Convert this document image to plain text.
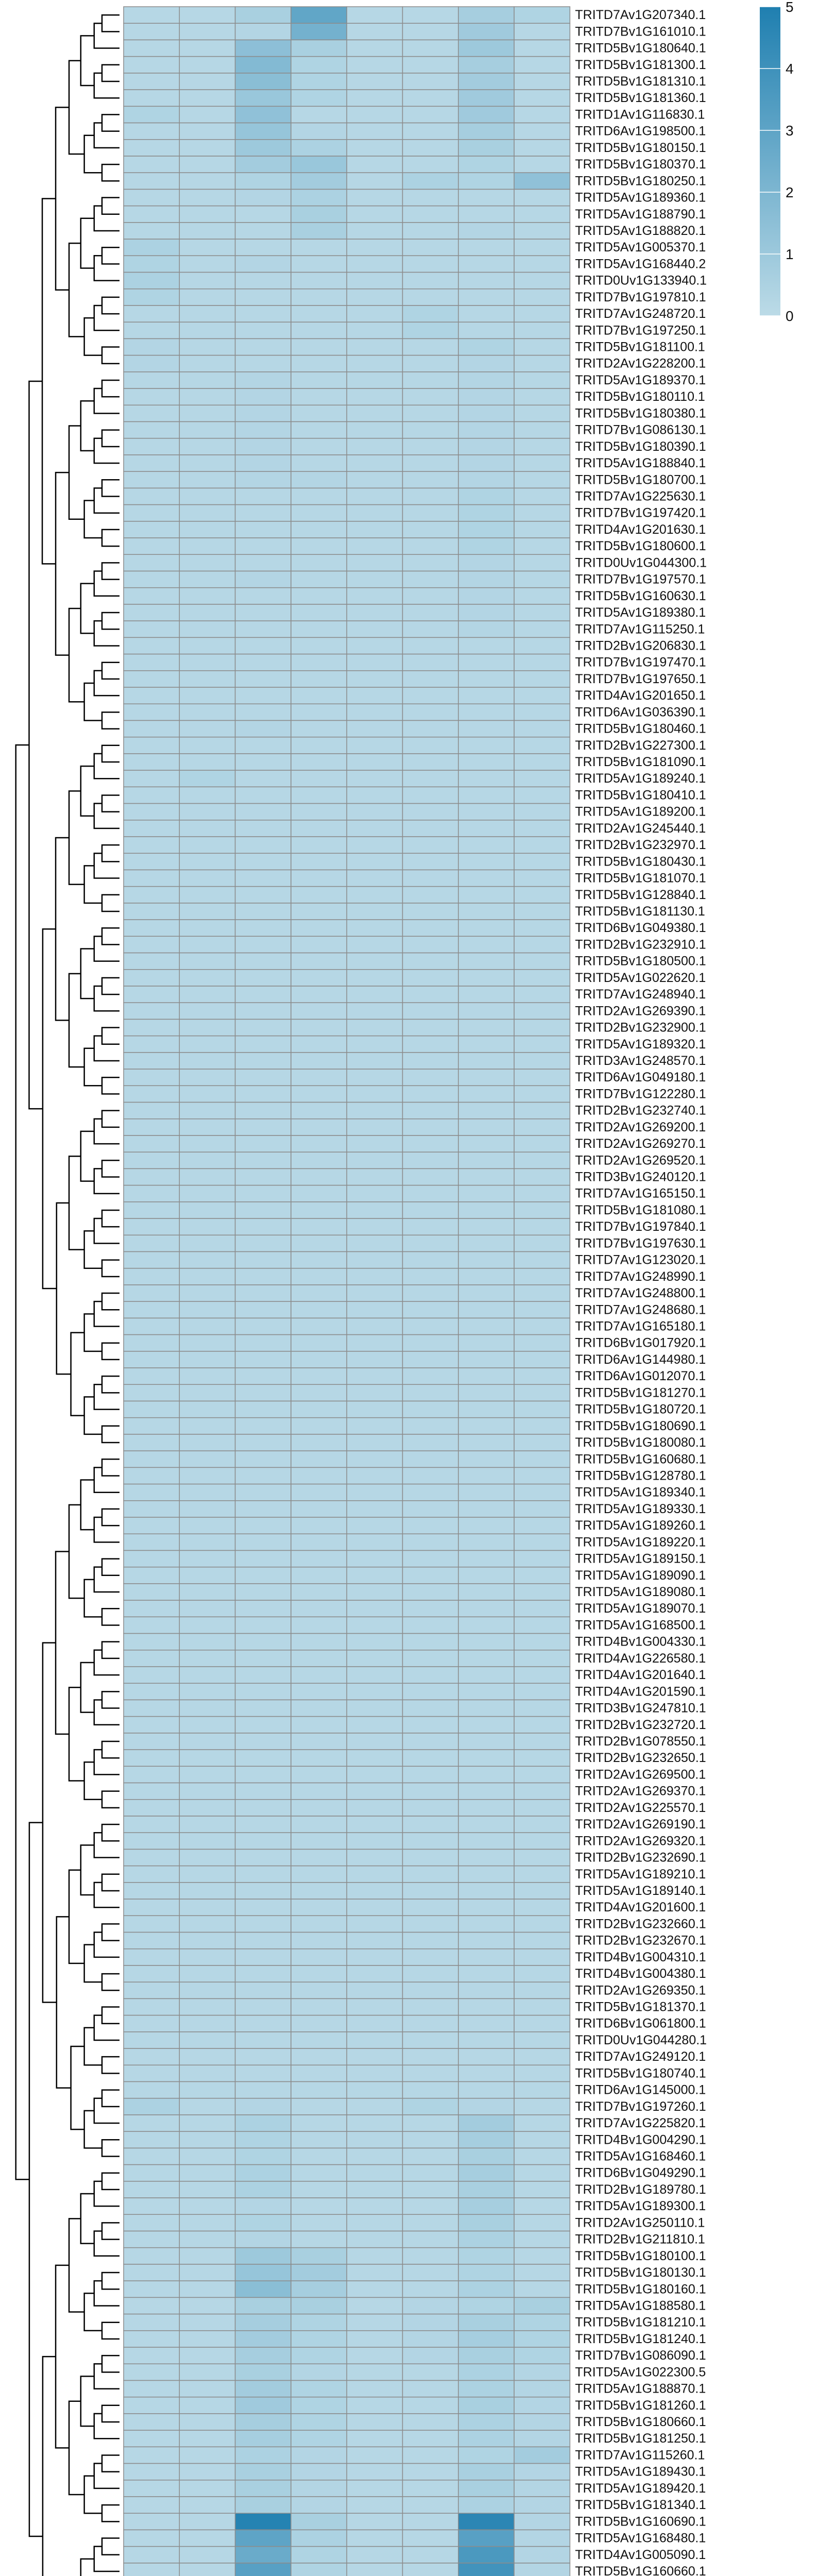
TRITD7Av1G207340.1
TRITD7Bv1G161010.1
TRITD5Bv1G180640.1
TRITD5Bv1G181300.1
TRITD5Bv1G181310.1
TRITD5Bv1G181360.1
TRITD1Av1G116830.1
TRITD6Av1G198500.1
TRITD5Bv1G180150.1
TRITD5Bv1G180370.1
TRITD5Bv1G180250.1
TRITD5Av1G189360.1
TRITD5Av1G188790.1
TRITD5Av1G188820.1
TRITD5Av1G005370.1
TRITD5Av1G168440.2
TRITD0Uv1G133940.1
TRITD7Bv1G197810.1
TRITD7Av1G248720.1
TRITD7Bv1G197250.1
TRITD5Bv1G181100.1
TRITD2Av1G228200.1
TRITD5Av1G189370.1
TRITD5Bv1G180110.1
TRITD5Bv1G180380.1
TRITD7Bv1G086130.1
TRITD5Bv1G180390.1
TRITD5Av1G188840.1
TRITD5Bv1G180700.1
TRITD7Av1G225630.1
TRITD7Bv1G197420.1
TRITD4Av1G201630.1
TRITD5Bv1G180600.1
TRITD0Uv1G044300.1
TRITD7Bv1G197570.1
TRITD5Bv1G160630.1
TRITD5Av1G189380.1
TRITD7Av1G115250.1
TRITD2Bv1G206830.1
TRITD7Bv1G197470.1
TRITD7Bv1G197650.1
TRITD4Av1G201650.1
TRITD6Av1G036390.1
TRITD5Bv1G180460.1
TRITD2Bv1G227300.1
TRITD5Bv1G181090.1
TRITD5Av1G189240.1
TRITD5Bv1G180410.1
TRITD5Av1G189200.1
TRITD2Av1G245440.1
TRITD2Bv1G232970.1
TRITD5Bv1G180430.1
TRITD5Bv1G181070.1
TRITD5Bv1G128840.1
TRITD5Bv1G181130.1
TRITD6Bv1G049380.1
TRITD2Bv1G232910.1
TRITD5Bv1G180500.1
TRITD5Av1G022620.1
TRITD7Av1G248940.1
TRITD2Av1G269390.1
TRITD2Bv1G232900.1
TRITD5Av1G189320.1
TRITD3Av1G248570.1
TRITD6Av1G049180.1
TRITD7Bv1G122280.1
TRITD2Bv1G232740.1
TRITD2Av1G269200.1
TRITD2Av1G269270.1
TRITD2Av1G269520.1
TRITD3Bv1G240120.1
TRITD7Av1G165150.1
TRITD5Bv1G181080.1
TRITD7Bv1G197840.1
TRITD7Bv1G197630.1
TRITD7Av1G123020.1
TRITD7Av1G248990.1
TRITD7Av1G248800.1
TRITD7Av1G248680.1
TRITD7Av1G165180.1
TRITD6Bv1G017920.1
TRITD6Av1G144980.1
TRITD6Av1G012070.1
TRITD5Bv1G181270.1
TRITD5Bv1G180720.1
TRITD5Bv1G180690.1
TRITD5Bv1G180080.1
TRITD5Bv1G160680.1
TRITD5Bv1G128780.1
TRITD5Av1G189340.1
TRITD5Av1G189330.1
TRITD5Av1G189260.1
TRITD5Av1G189220.1
TRITD5Av1G189150.1
TRITD5Av1G189090.1
TRITD5Av1G189080.1
TRITD5Av1G189070.1
TRITD5Av1G168500.1
TRITD4Bv1G004330.1
TRITD4Av1G226580.1
TRITD4Av1G201640.1
TRITD4Av1G201590.1
TRITD3Bv1G247810.1
TRITD2Bv1G232720.1
TRITD2Bv1G078550.1
TRITD2Bv1G232650.1
TRITD2Av1G269500.1
TRITD2Av1G269370.1
TRITD2Av1G225570.1
TRITD2Av1G269190.1
TRITD2Av1G269320.1
TRITD2Bv1G232690.1
TRITD5Av1G189210.1
TRITD5Av1G189140.1
TRITD4Av1G201600.1
TRITD2Bv1G232660.1
TRITD2Bv1G232670.1
TRITD4Bv1G004310.1
TRITD4Bv1G004380.1
TRITD2Av1G269350.1
TRITD5Bv1G181370.1
TRITD6Bv1G061800.1
TRITD0Uv1G044280.1
TRITD7Av1G249120.1
TRITD5Bv1G180740.1
TRITD6Av1G145000.1
TRITD7Bv1G197260.1
TRITD7Av1G225820.1
TRITD4Bv1G004290.1
TRITD5Av1G168460.1
TRITD6Bv1G049290.1
TRITD2Bv1G189780.1
TRITD5Av1G189300.1
TRITD2Av1G250110.1
TRITD2Bv1G211810.1
TRITD5Bv1G180100.1
TRITD5Bv1G180130.1
TRITD5Bv1G180160.1
TRITD5Av1G188580.1
TRITD5Bv1G181210.1
TRITD5Bv1G181240.1
TRITD7Bv1G086090.1
TRITD5Av1G022300.5
TRITD5Av1G188870.1
TRITD5Bv1G181260.1
TRITD5Bv1G180660.1
TRITD5Bv1G181250.1
TRITD7Av1G115260.1
TRITD5Av1G189430.1
TRITD5Av1G189420.1
TRITD5Bv1G181340.1
TRITD5Bv1G160690.1
TRITD5Av1G168480.1
TRITD4Av1G005090.1
TRITD5Bv1G160660.1
0
1
2
3
4
5
